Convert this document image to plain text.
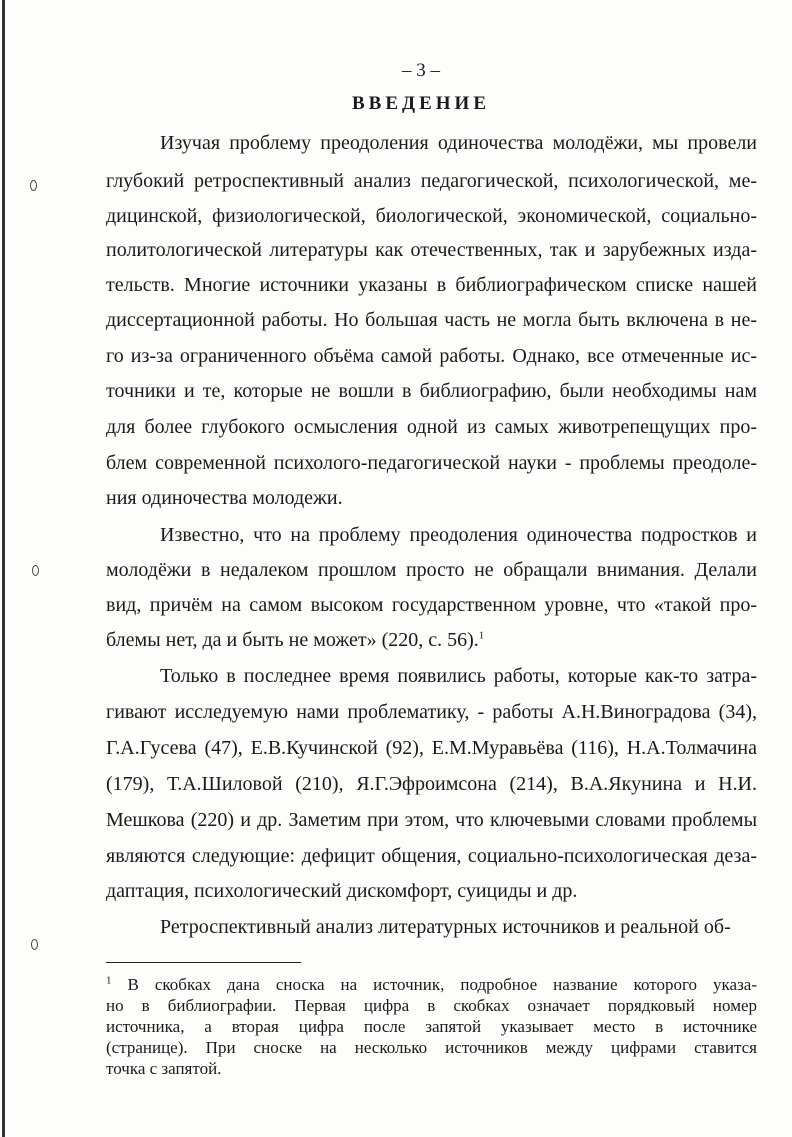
– 3 –
ВВЕДЕНИЕ
Изучая проблему преодоления одиночества молодёжи, мы провели
глубокий ретроспективный анализ педагогической, психологической, ме-
дицинской, физиологической, биологической, экономической, социально-
политологической литературы как отечественных, так и зарубежных изда-
тельств. Многие источники указаны в библиографическом списке нашей
диссертационной работы. Но большая часть не могла быть включена в не-
го из-за ограниченного объёма самой работы. Однако, все отмеченные ис-
точники и те, которые не вошли в библиографию, были необходимы нам
для более глубокого осмысления одной из самых животрепещущих про-
блем современной психолого-педагогической науки - проблемы преодоле-
ния одиночества молодежи.
Известно, что на проблему преодоления одиночества подростков и
молодёжи в недалеком прошлом просто не обращали внимания. Делали
вид, причём на самом высоком государственном уровне, что «такой про-
блемы нет, да и быть не может» (220, с. 56).$^1$
Только в последнее время появились работы, которые как-то затра-
гивают исследуемую нами проблематику, - работы А.Н.Виноградова (34),
Г.А.Гусева (47), Е.В.Кучинской (92), Е.М.Муравьёва (116), Н.А.Толмачина
(179), Т.А.Шиловой (210), Я.Г.Эфроимсона (214), В.А.Якунина и Н.И.
Мешкова (220) и др. Заметим при этом, что ключевыми словами проблемы
являются следующие: дефицит общения, социально-психологическая деза-
даптация, психологический дискомфорт, суициды и др.
Ретроспективный анализ литературных источников и реальной об-
$^1$ В скобках дана сноска на источник, подробное название которого указа-
но в библиографии. Первая цифра в скобках означает порядковый номер
источника, а вторая цифра после запятой указывает место в источнике
(странице). При сноске на несколько источников между цифрами ставится
точка с запятой.
